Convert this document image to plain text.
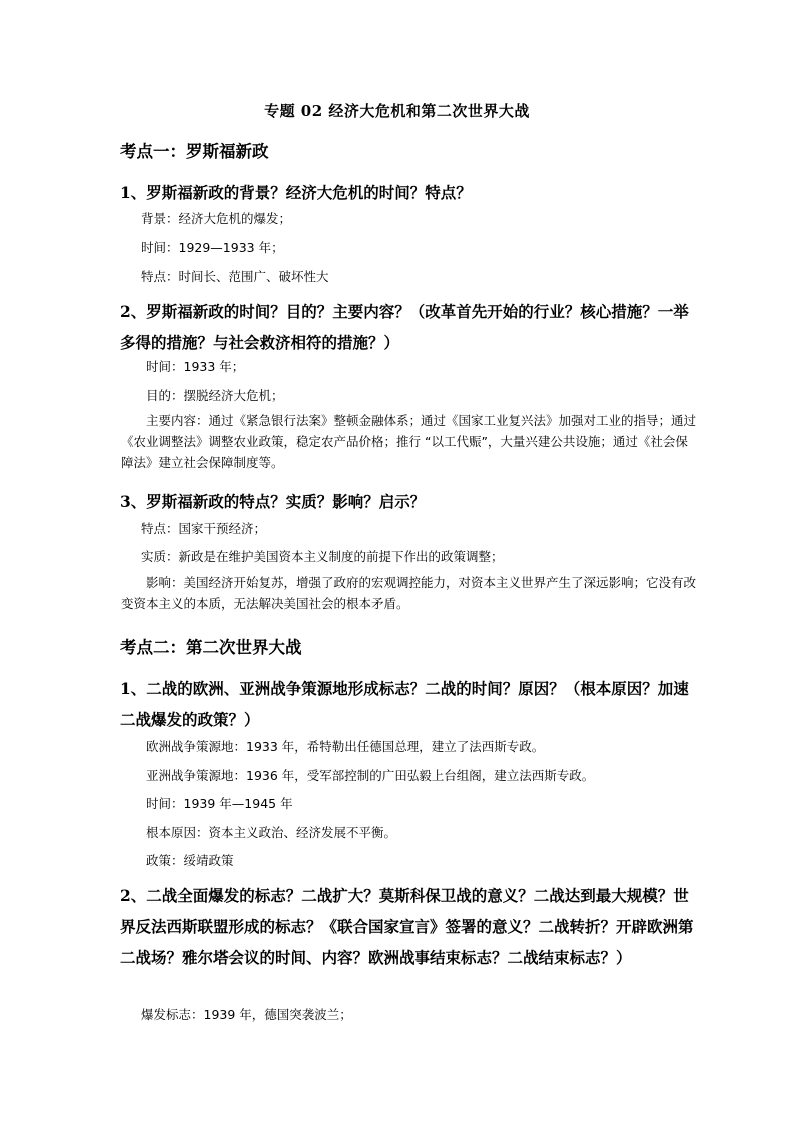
专题 02 经济大危机和第二次世界大战
考点一：罗斯福新政
1、罗斯福新政的背景？经济大危机的时间？特点？
背景：经济大危机的爆发；
时间：1929—1933 年；
特点：时间长、范围广、破坏性大
2、罗斯福新政的时间？目的？主要内容？（改革首先开始的行业？核心措施？一举多得的措施？与社会救济相符的措施？）
时间：1933 年；
目的：摆脱经济大危机；
主要内容：通过《紧急银行法案》整顿金融体系；通过《国家工业复兴法》加强对工业的指导；通过《农业调整法》调整农业政策，稳定农产品价格；推行 “以工代赈”，大量兴建公共设施；通过《社会保障法》建立社会保障制度等。
3、罗斯福新政的特点？实质？影响？启示？
特点：国家干预经济；
实质：新政是在维护美国资本主义制度的前提下作出的政策调整；
影响：美国经济开始复苏，增强了政府的宏观调控能力，对资本主义世界产生了深远影响；它没有改变资本主义的本质，无法解决美国社会的根本矛盾。
考点二：第二次世界大战
1、二战的欧洲、亚洲战争策源地形成标志？二战的时间？原因？（根本原因？加速二战爆发的政策？）
欧洲战争策源地：1933 年，希特勒出任德国总理，建立了法西斯专政。
亚洲战争策源地：1936 年，受军部控制的广田弘毅上台组阁，建立法西斯专政。
时间：1939 年—1945 年
根本原因：资本主义政治、经济发展不平衡。
政策：绥靖政策
2、二战全面爆发的标志？二战扩大？莫斯科保卫战的意义？二战达到最大规模？世界反法西斯联盟形成的标志？《联合国家宣言》签署的意义？二战转折？开辟欧洲第二战场？雅尔塔会议的时间、内容？欧洲战事结束标志？二战结束标志？）
爆发标志：1939 年，德国突袭波兰；
